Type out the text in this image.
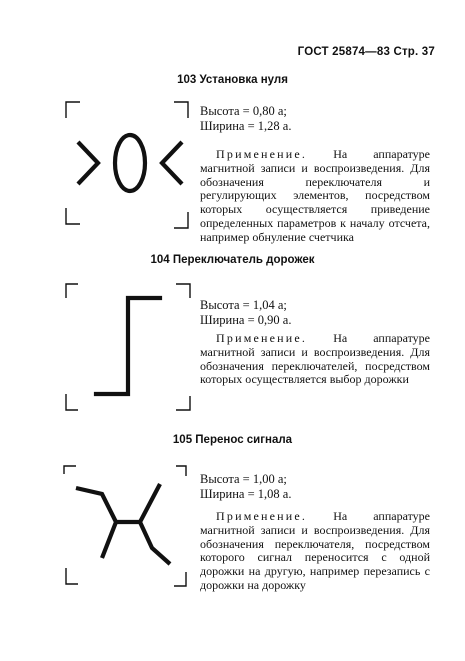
ГОСТ 25874—83 Стр. 37
103 Установка нуля
Высота = 0,80 а;
Ширина = 1,28 а.
Применение. На аппаратуре магнитной записи и воспроизведения. Для обозначения переключателя и регулирующих элементов, посредством которых осуществляется приведение определенных параметров к началу отсчета, например обнуление счетчика
104 Переключатель дорожек
Высота = 1,04 а;
Ширина = 0,90 а.
Применение. На аппаратуре магнитной записи и воспроизведения. Для обозначения переключателей, посредством которых осуществляется выбор дорожки
105 Перенос сигнала
Высота = 1,00 а;
Ширина = 1,08 а.
Применение. На аппаратуре магнитной записи и воспроизведения. Для обозначения переключателя, посредством которого сигнал переносится с одной дорожки на другую, например перезапись с дорожки на дорожку
